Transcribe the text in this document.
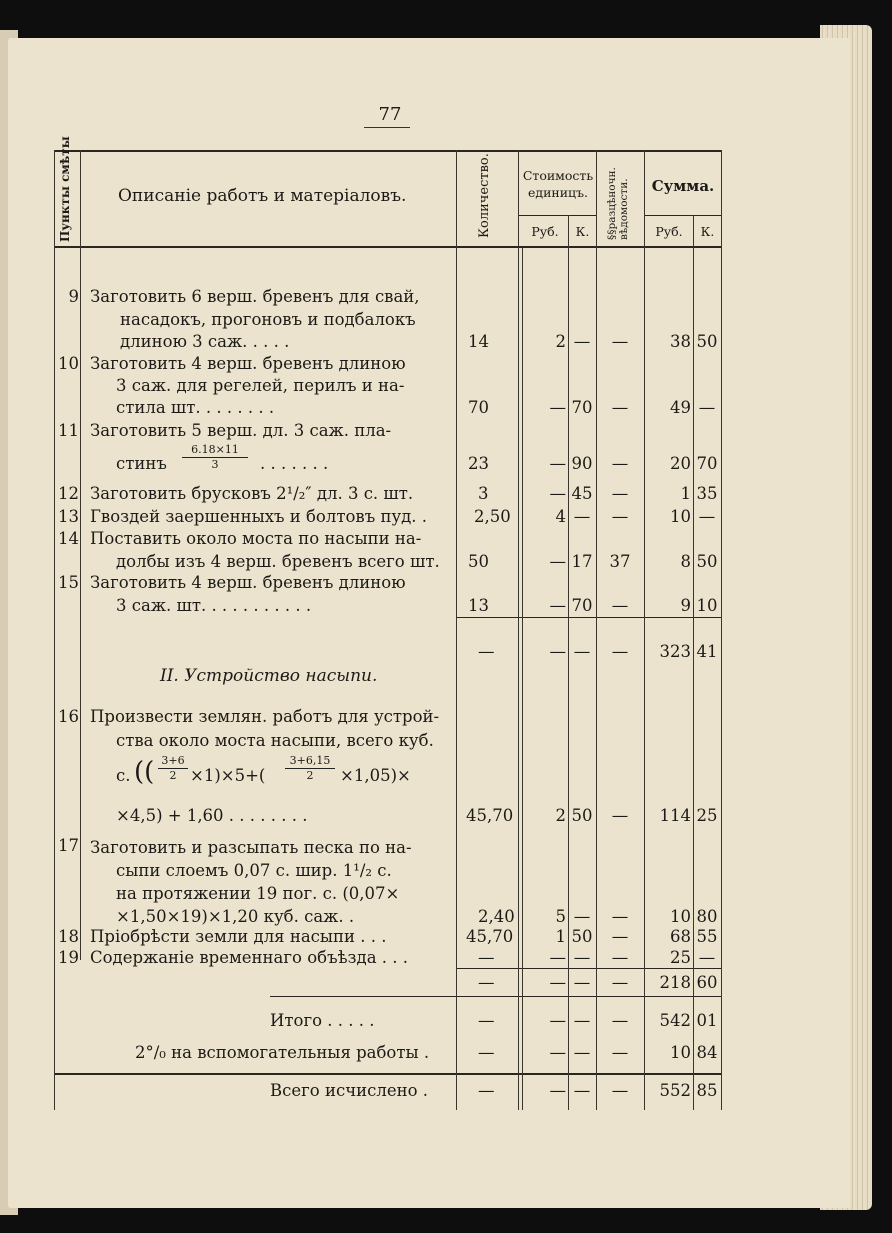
77
Пункты смѣты	Описаніе работъ и матеріаловъ.	Количество.	Стоимость единицъ.
Руб.	К.	§§разцѣночн. вѣдомости.	Сумма.
Руб.	К.
9 Заготовить 6 верш. бревенъ для свай,
насадокъ, прогоновъ и подбалокъ
длиною 3 саж. . . . .	14	2 —	—	38 50
10 Заготовить 4 верш. бревенъ длиною
3 саж. для регелей, перилъ и на-
стила шт. . . . . . . .	70	— 70	—	49 —
11 Заготовить 5 верш. дл. 3 саж. пла-
стинъ
6.18×11
3	. . . . . . .	23	— 90	—	20 70
12 Заготовить брусковъ 2¹/₂″ дл. 3 с. шт.	3	— 45	—	1 35
13 Гвоздей заершенныхъ и болтовъ пуд. .	2,50	4 —	—	10 —
14 Поставить около моста по насыпи на-
долбы изъ 4 верш. бревенъ всего шт. 50	— 17	37	8 50
15 Заготовить 4 верш. бревенъ длиною
3 саж. шт. . . . . . . . . . .	13	— 70	—	9 10
—	— —	—	323 41
II. Устройство насыпи.
16 Произвести землян. работъ для устрой-
ства около моста насыпи, всего куб.
с. (( 3+6
2 ×1)×5+(
3+6,15
2	×1,05)×
×4,5) + 1,60 . . . . . . . .	45,70	2 50	—	114 25
17 Заготовить и разсыпать песка по на-
сыпи слоемъ 0,07 с. шир. 1¹/₂ с.
на протяжении 19 пог. с. (0,07×
×1,50×19)×1,20 куб. саж. .	2,40	5 —	—	10 80
18 Пріобрѣсти земли для насыпи . . .	45,70	1 50	—	68 55
19 Содержаніе временнаго объѣзда . . .	—	— —	—	25 —
—	— —	—	218 60
Итого . . . . .	—	— —	—	542 01
2°/₀ на вспомогательныя работы .	—	— —	—	10 84
Всего исчислено .	—	— —	—	552 85
